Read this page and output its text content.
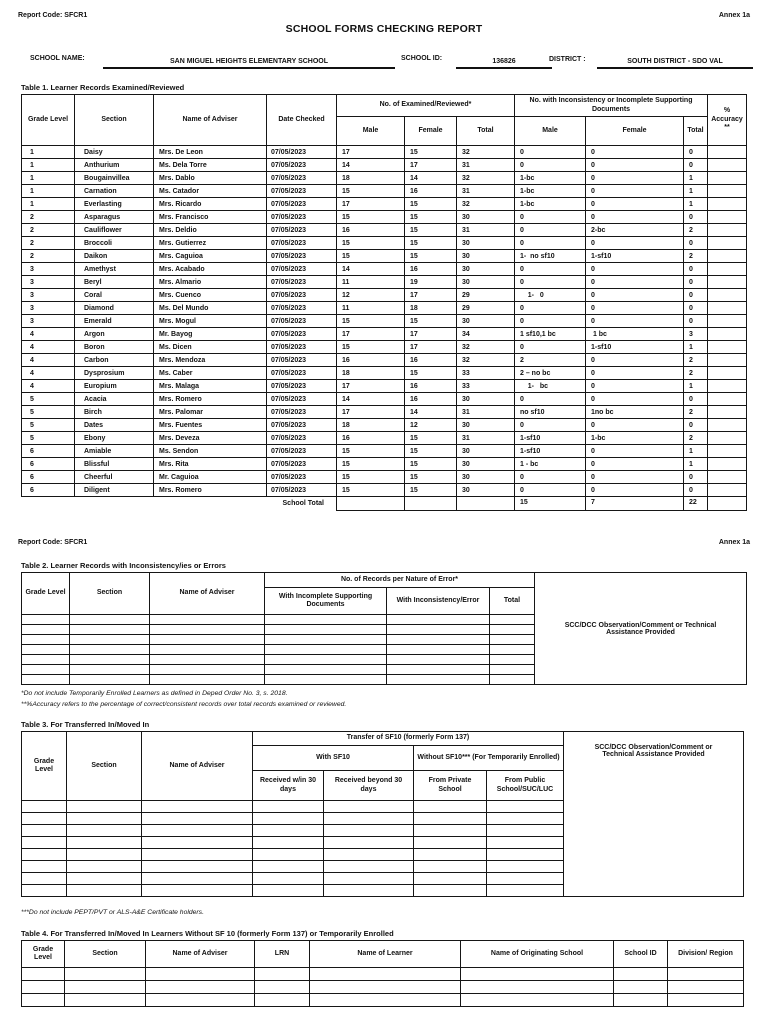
Report Code: SFCR1	Annex 1a
SCHOOL FORMS CHECKING REPORT
SCHOOL NAME:	SAN MIGUEL HEIGHTS ELEMENTARY SCHOOL	SCHOOL ID:	136826	DISTRICT :	SOUTH DISTRICT - SDO VAL
Table 1. Learner Records Examined/Reviewed
Grade Level	Section	Name of Adviser	Date Checked	No. of Examined/Reviewed*			No. with Inconsistency or Incomplete Supporting Documents			% Accuracy**
				Male	Female	Total	Male	Female	Total	
1	Daisy	Mrs. De Leon	07/05/2023	17	15	32	0	0	0	
1	Anthurium	Ms. Dela Torre	07/05/2023	14	17	31	0	0	0	
1	Bougainvillea	Mrs. Dablo	07/05/2023	18	14	32	1-bc	0	1	
1	Carnation	Ms. Catador	07/05/2023	15	16	31	1-bc	0	1	
1	Everlasting	Mrs. Ricardo	07/05/2023	17	15	32	1-bc	0	1	
2	Asparagus	Mrs. Francisco	07/05/2023	15	15	30	0	0	0	
2	Cauliflower	Mrs. Deldio	07/05/2023	16	15	31	0	2-bc	2	
2	Broccoli	Mrs. Gutierrez	07/05/2023	15	15	30	0	0	0	
2	Daikon	Mrs. Caguioa	07/05/2023	15	15	30	1-  no sf10	1-sf10	2	
3	Amethyst	Mrs. Acabado	07/05/2023	14	16	30	0	0	0	
3	Beryl	Mrs. Almario	07/05/2023	11	19	30	0	0	0	
3	Coral	Mrs. Cuenco	07/05/2023	12	17	29	1-   0	0	0	
3	Diamond	Ms. Del Mundo	07/05/2023	11	18	29	0	0	0	
3	Emerald	Mrs. Mogul	07/05/2023	15	15	30	0	0	0	
4	Argon	Mr. Bayog	07/05/2023	17	17	34	1 sf10,1 bc	1 bc	3	
4	Boron	Ms. Dicen	07/05/2023	15	17	32	0	1-sf10	1	
4	Carbon	Mrs. Mendoza	07/05/2023	16	16	32	2	0	2	
4	Dysprosium	Ms. Caber	07/05/2023	18	15	33	2 – no bc	0	2	
4	Europium	Mrs. Malaga	07/05/2023	17	16	33	1-   bc	0	1	
5	Acacia	Mrs. Romero	07/05/2023	14	16	30	0	0	0	
5	Birch	Mrs. Palomar	07/05/2023	17	14	31	no sf10	1no bc	2	
5	Dates	Mrs. Fuentes	07/05/2023	18	12	30	0	0	0	
5	Ebony	Mrs. Deveza	07/05/2023	16	15	31	1-sf10	1-bc	2	
6	Amiable	Ms. Sendon	07/05/2023	15	15	30	1-sf10	0	1	
6	Blissful	Mrs. Rita	07/05/2023	15	15	30	1 - bc	0	1	
6	Cheerful	Mr. Caguioa	07/05/2023	15	15	30	0	0	0	
6	Diligent	Mrs. Romero	07/05/2023	15	15	30	0	0	0	
			School Total				15	7	22	
Report Code: SFCR1	Annex 1a
Table 2. Learner Records with Inconsistency/ies or Errors
Grade Level	Section	Name of Adviser	No. of Records per Nature of Error*		
			With Incomplete Supporting Documents	With Inconsistency/Error	Total

SCC/DCC Observation/Comment or Technical Assistance Provided
*Do not include Temporarily Enrolled Learners as defined in Deped Order No. 3, s. 2018.
**%Accuracy refers to the percentage of correct/consistent records over total records examined or reviewed.
Table 3. For Transferred In/Moved In
Grade Level	Section	Name of Adviser	Transfer of SF10 (formerly Form 137)			
			With SF10		Without SF10*** (For Temporarily Enrolled)	
			Received w/in 30 days	Received beyond 30 days	From Private School	From Public School/SUC/LUC

SCC/DCC Observation/Comment or Technical Assistance Provided
***Do not include PEPT/PVT or ALS-A&E Certificate holders.
Table 4. For Transferred In/Moved In Learners Without SF 10 (formerly Form 137) or Temporarily Enrolled
Grade Level	Section	Name of Adviser	LRN	Name of Learner	Name of Originating School	School ID	Division/ Region
